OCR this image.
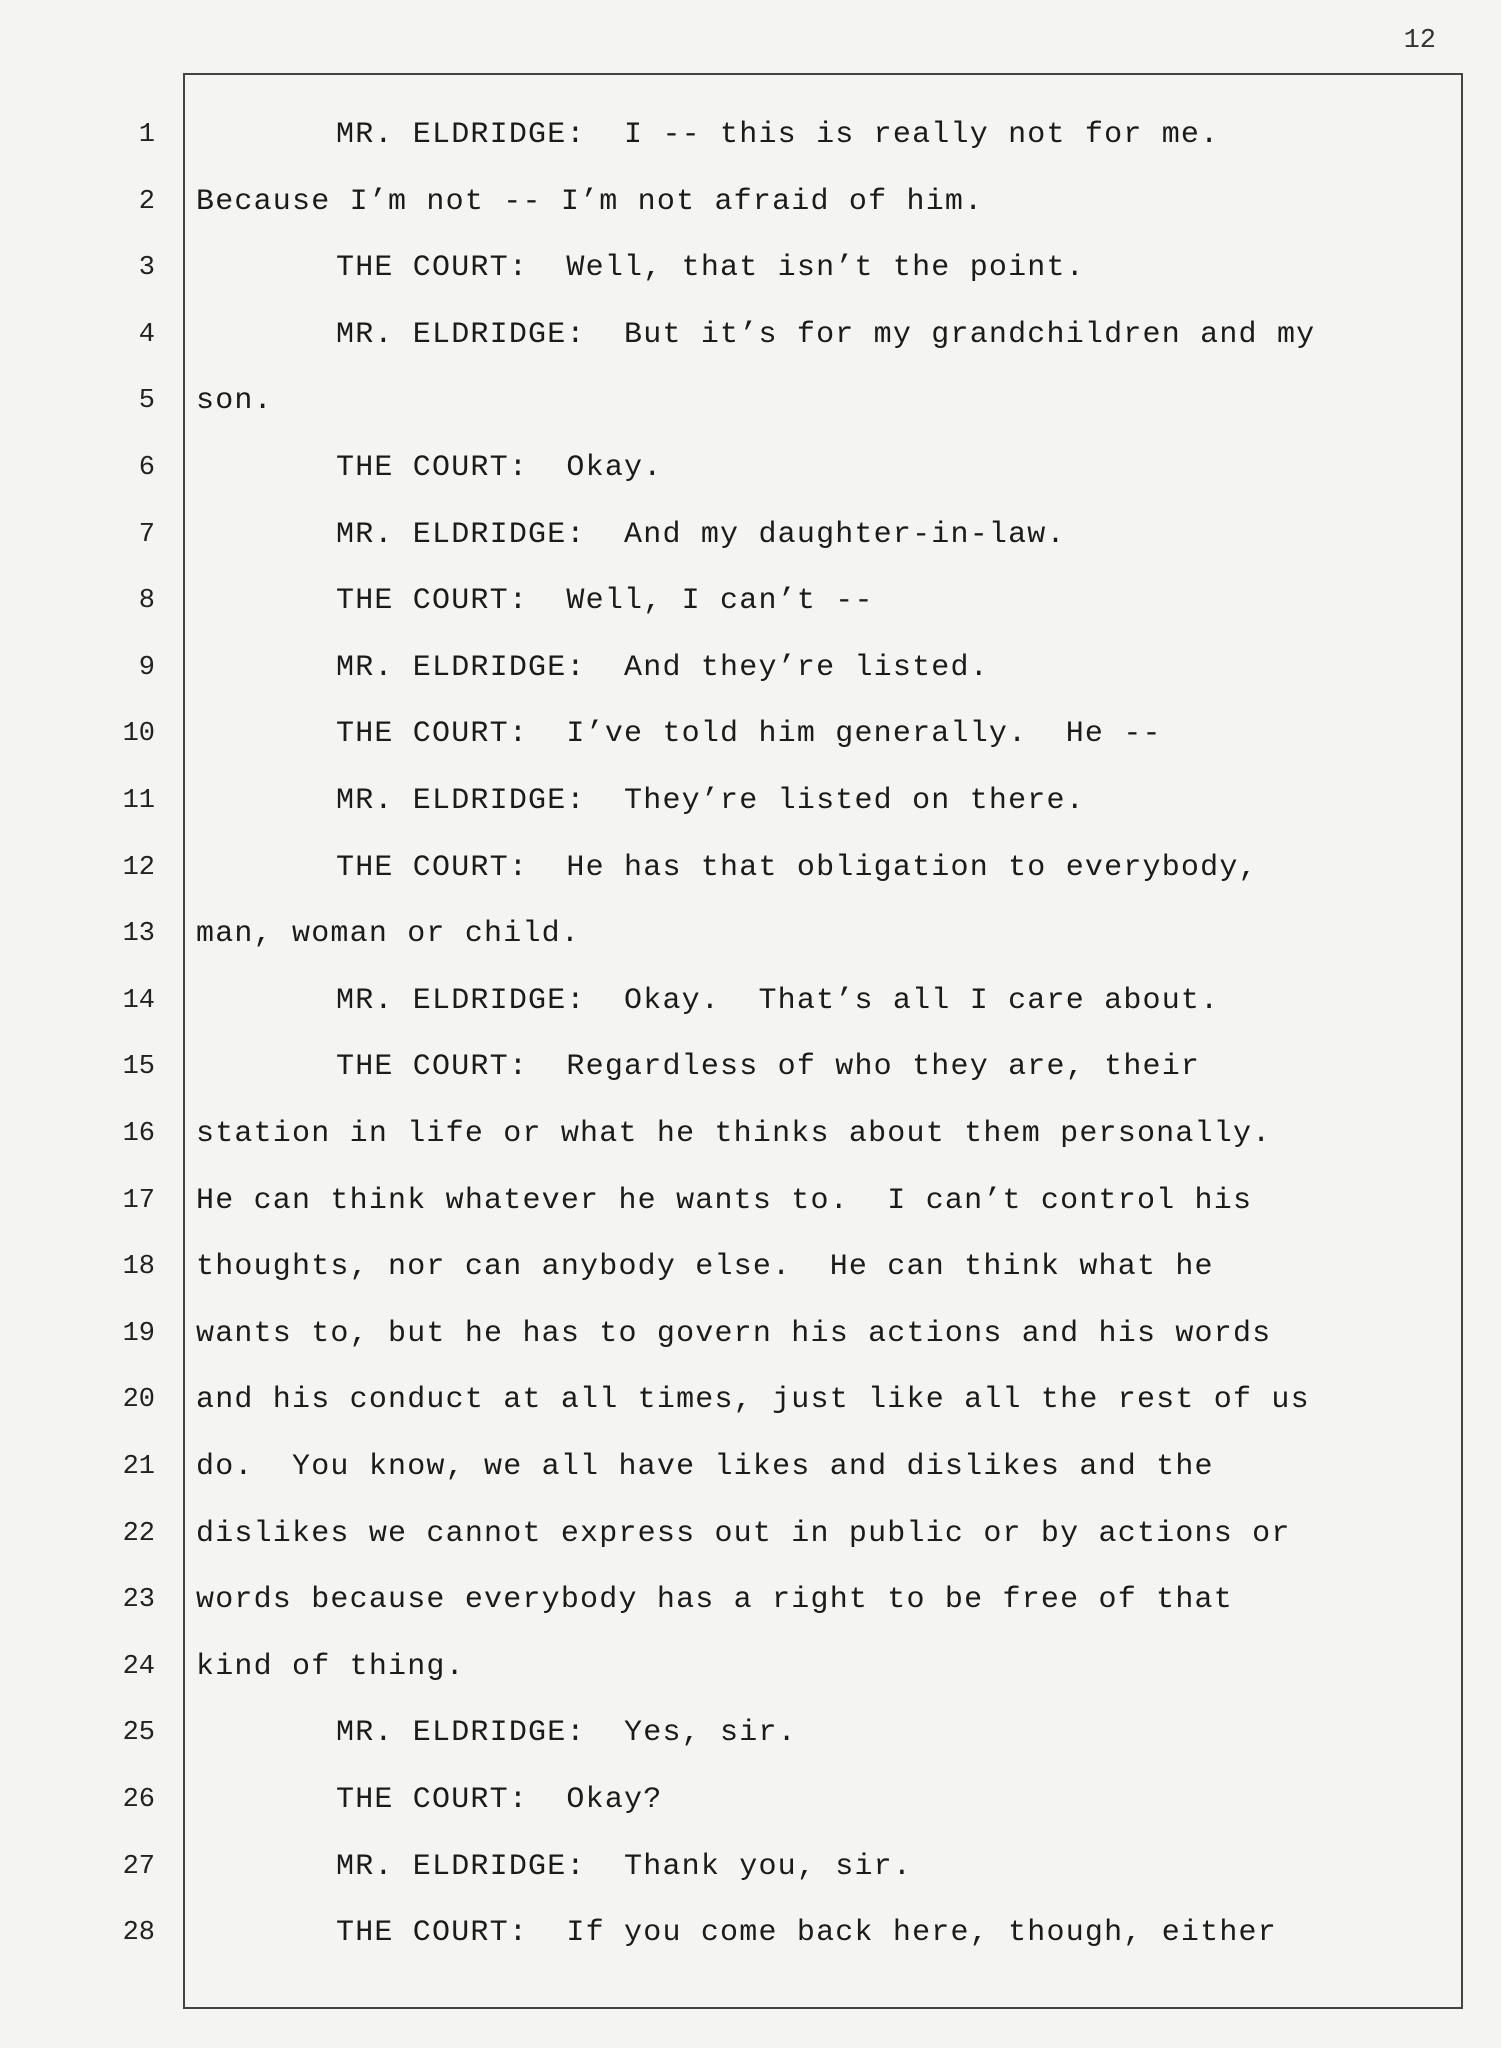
12
1	MR. ELDRIDGE:  I -- this is really not for me.
2 Because I’m not -- I’m not afraid of him.
3	THE COURT:  Well, that isn’t the point.
4	MR. ELDRIDGE:  But it’s for my grandchildren and my
5 son.
6	THE COURT:  Okay.
7	MR. ELDRIDGE:  And my daughter-in-law.
8	THE COURT:  Well, I can’t --
9	MR. ELDRIDGE:  And they’re listed.
10	THE COURT:  I’ve told him generally.  He --
11	MR. ELDRIDGE:  They’re listed on there.
12	THE COURT:  He has that obligation to everybody,
13 man, woman or child.
14	MR. ELDRIDGE:  Okay.  That’s all I care about.
15	THE COURT:  Regardless of who they are, their
16 station in life or what he thinks about them personally.
17 He can think whatever he wants to.  I can’t control his
18 thoughts, nor can anybody else.  He can think what he
19 wants to, but he has to govern his actions and his words
20 and his conduct at all times, just like all the rest of us
21 do.  You know, we all have likes and dislikes and the
22 dislikes we cannot express out in public or by actions or
23 words because everybody has a right to be free of that
24 kind of thing.
25	MR. ELDRIDGE:  Yes, sir.
26	THE COURT:  Okay?
27	MR. ELDRIDGE:  Thank you, sir.
28	THE COURT:  If you come back here, though, either
